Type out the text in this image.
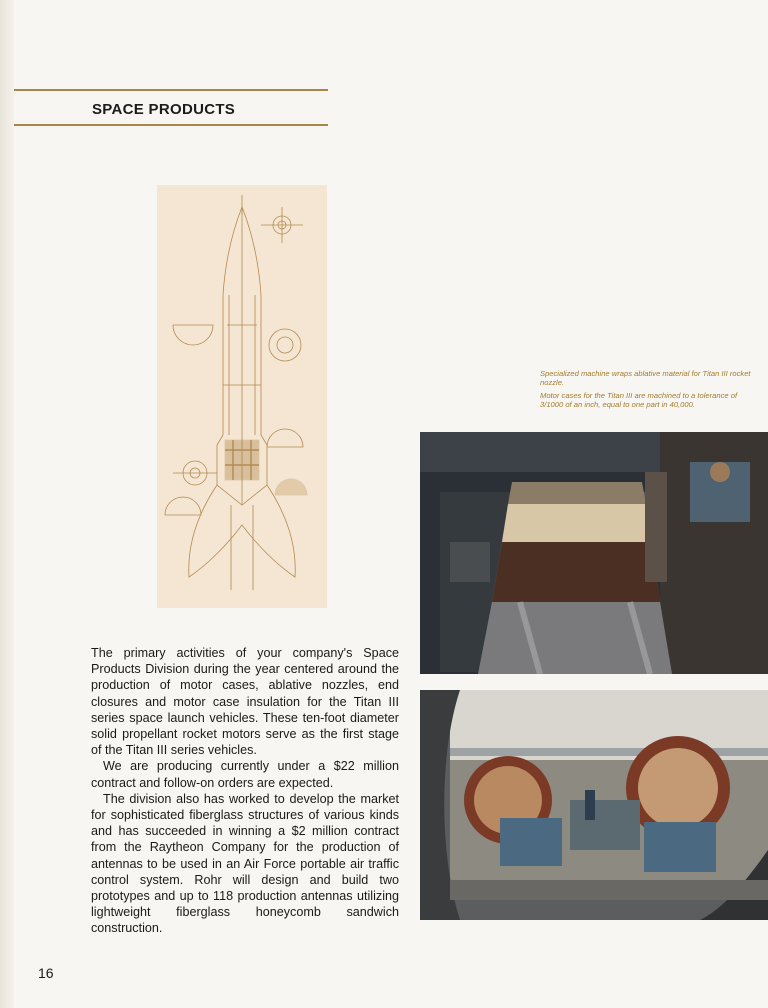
SPACE PRODUCTS

Specialized machine wraps ablative material for Titan III rocket nozzle.

Motor cases for the Titan III are machined to a tolerance of 3/1000 of an inch, equal to one part in 40,000.

The primary activities of your company's Space Products Division during the year centered around the production of motor cases, ablative nozzles, end closures and motor case insulation for the Titan III series space launch vehicles. These ten-foot diameter solid propellant rocket motors serve as the first stage of the Titan III series vehicles.

We are producing currently under a $22 million contract and follow-on orders are expected.

The division also has worked to develop the market for sophisticated fiberglass structures of various kinds and has succeeded in winning a $2 million contract from the Raytheon Company for the production of antennas to be used in an Air Force portable air traffic control system. Rohr will design and build two prototypes and up to 118 production antennas utilizing lightweight fiberglass honeycomb sandwich construction.

16
